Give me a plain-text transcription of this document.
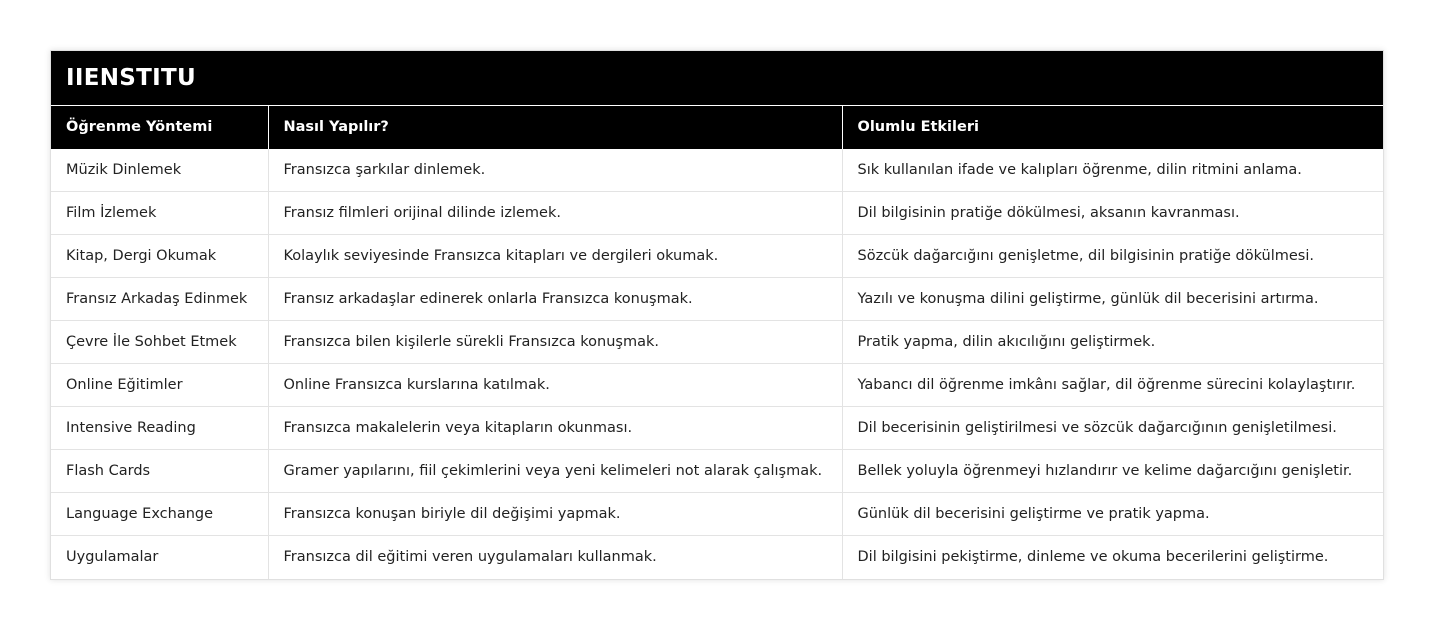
IIENSTITU
Öğrenme Yöntemi	Nasıl Yapılır?	Olumlu Etkileri
Müzik Dinlemek	Fransızca şarkılar dinlemek.	Sık kullanılan ifade ve kalıpları öğrenme, dilin ritmini anlama.
Film İzlemek	Fransız filmleri orijinal dilinde izlemek.	Dil bilgisinin pratiğe dökülmesi, aksanın kavranması.
Kitap, Dergi Okumak	Kolaylık seviyesinde Fransızca kitapları ve dergileri okumak.	Sözcük dağarcığını genişletme, dil bilgisinin pratiğe dökülmesi.
Fransız Arkadaş Edinmek	Fransız arkadaşlar edinerek onlarla Fransızca konuşmak.	Yazılı ve konuşma dilini geliştirme, günlük dil becerisini artırma.
Çevre İle Sohbet Etmek	Fransızca bilen kişilerle sürekli Fransızca konuşmak.	Pratik yapma, dilin akıcılığını geliştirmek.
Online Eğitimler	Online Fransızca kurslarına katılmak.	Yabancı dil öğrenme imkânı sağlar, dil öğrenme sürecini kolaylaştırır.
Intensive Reading	Fransızca makalelerin veya kitapların okunması.	Dil becerisinin geliştirilmesi ve sözcük dağarcığının genişletilmesi.
Flash Cards	Gramer yapılarını, fiil çekimlerini veya yeni kelimeleri not alarak çalışmak.	Bellek yoluyla öğrenmeyi hızlandırır ve kelime dağarcığını genişletir.
Language Exchange	Fransızca konuşan biriyle dil değişimi yapmak.	Günlük dil becerisini geliştirme ve pratik yapma.
Uygulamalar	Fransızca dil eğitimi veren uygulamaları kullanmak.	Dil bilgisini pekiştirme, dinleme ve okuma becerilerini geliştirme.
